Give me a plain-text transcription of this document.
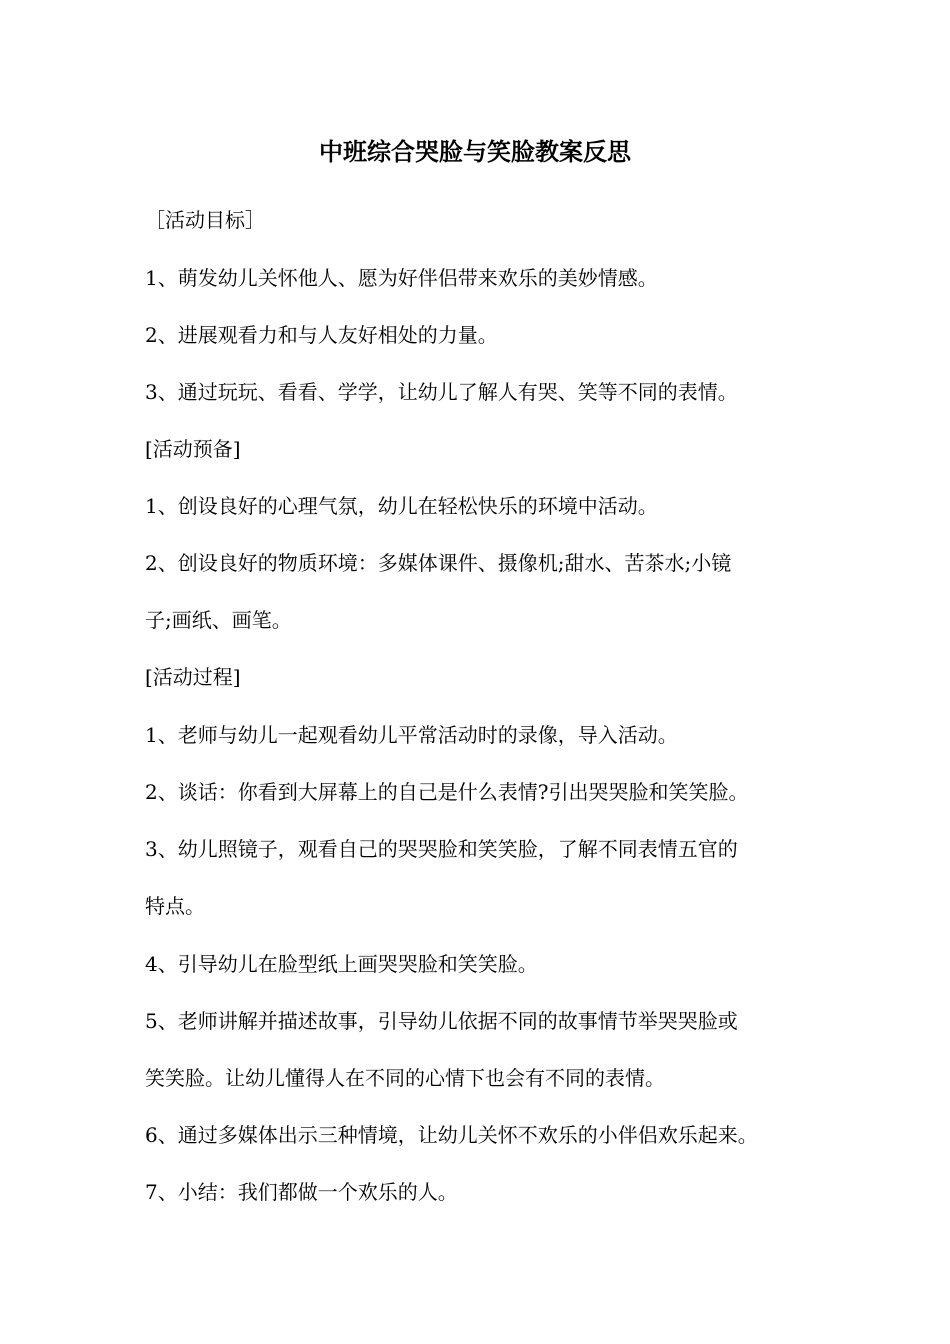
中班综合哭脸与笑脸教案反思
［活动目标］
1、萌发幼儿关怀他人、愿为好伴侣带来欢乐的美妙情感。
2、进展观看力和与人友好相处的力量。
3、通过玩玩、看看、学学，让幼儿了解人有哭、笑等不同的表情。
[活动预备]
1、创设良好的心理气氛，幼儿在轻松快乐的环境中活动。
2、创设良好的物质环境：多媒体课件、摄像机;甜水、苦茶水;小镜
子;画纸、画笔。
[活动过程]
1、老师与幼儿一起观看幼儿平常活动时的录像，导入活动。
2、谈话：你看到大屏幕上的自己是什么表情?引出哭哭脸和笑笑脸。
3、幼儿照镜子，观看自己的哭哭脸和笑笑脸，了解不同表情五官的
特点。
4、引导幼儿在脸型纸上画哭哭脸和笑笑脸。
5、老师讲解并描述故事，引导幼儿依据不同的故事情节举哭哭脸或
笑笑脸。让幼儿懂得人在不同的心情下也会有不同的表情。
6、通过多媒体出示三种情境，让幼儿关怀不欢乐的小伴侣欢乐起来。
7、小结：我们都做一个欢乐的人。
